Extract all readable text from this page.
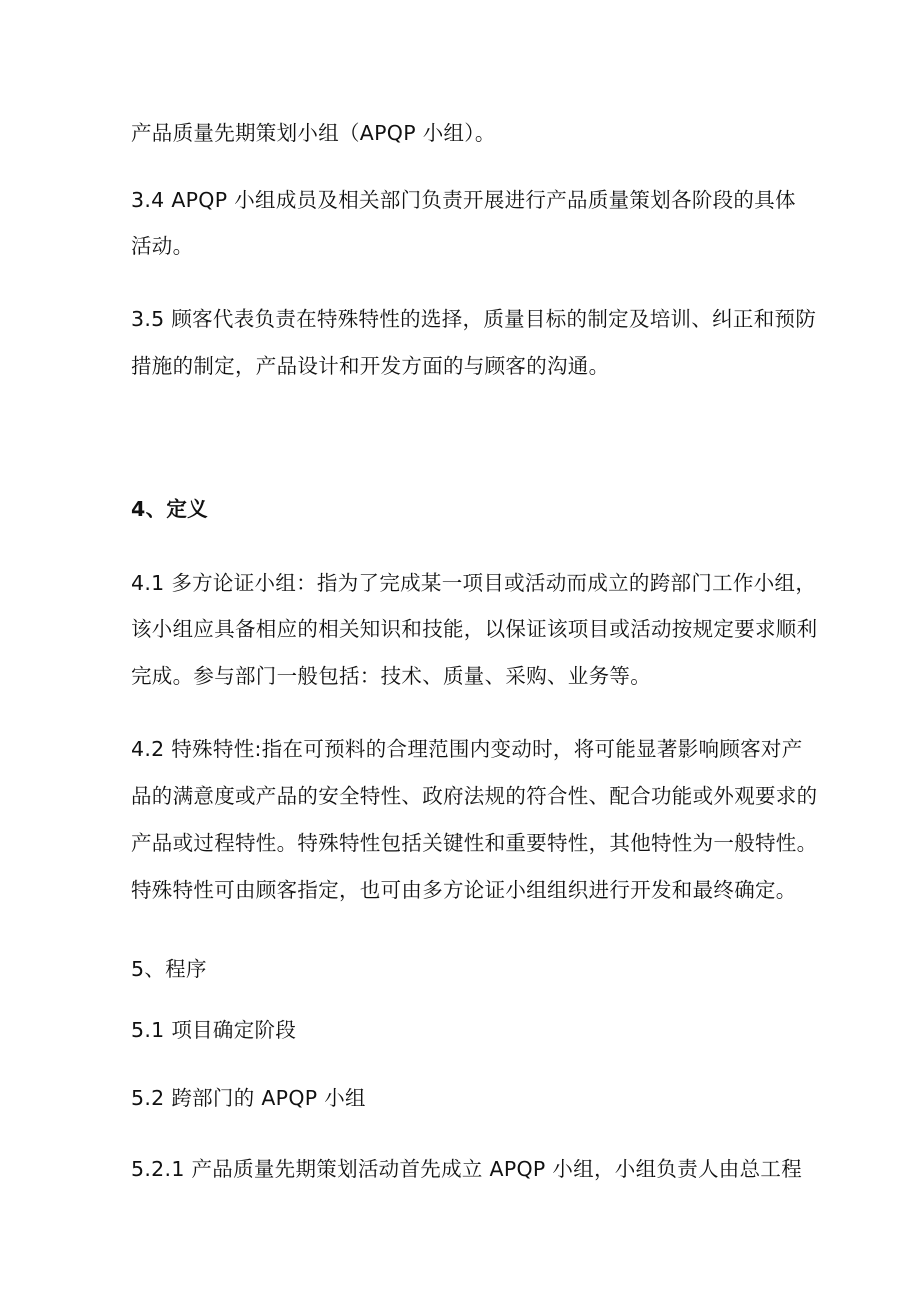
产品质量先期策划小组（APQP 小组）。
3.4 APQP 小组成员及相关部门负责开展进行产品质量策划各阶段的具体
活动。
3.5 顾客代表负责在特殊特性的选择，质量目标的制定及培训、纠正和预防
措施的制定，产品设计和开发方面的与顾客的沟通。
4、定义
4.1 多方论证小组：指为了完成某一项目或活动而成立的跨部门工作小组，
该小组应具备相应的相关知识和技能，以保证该项目或活动按规定要求顺利
完成。参与部门一般包括：技术、质量、采购、业务等。
4.2 特殊特性:指在可预料的合理范围内变动时，将可能显著影响顾客对产
品的满意度或产品的安全特性、政府法规的符合性、配合功能或外观要求的
产品或过程特性。特殊特性包括关键性和重要特性，其他特性为一般特性。
特殊特性可由顾客指定，也可由多方论证小组组织进行开发和最终确定。
5、程序
5.1 项目确定阶段
5.2 跨部门的 APQP 小组
5.2.1 产品质量先期策划活动首先成立 APQP 小组，小组负责人由总工程
